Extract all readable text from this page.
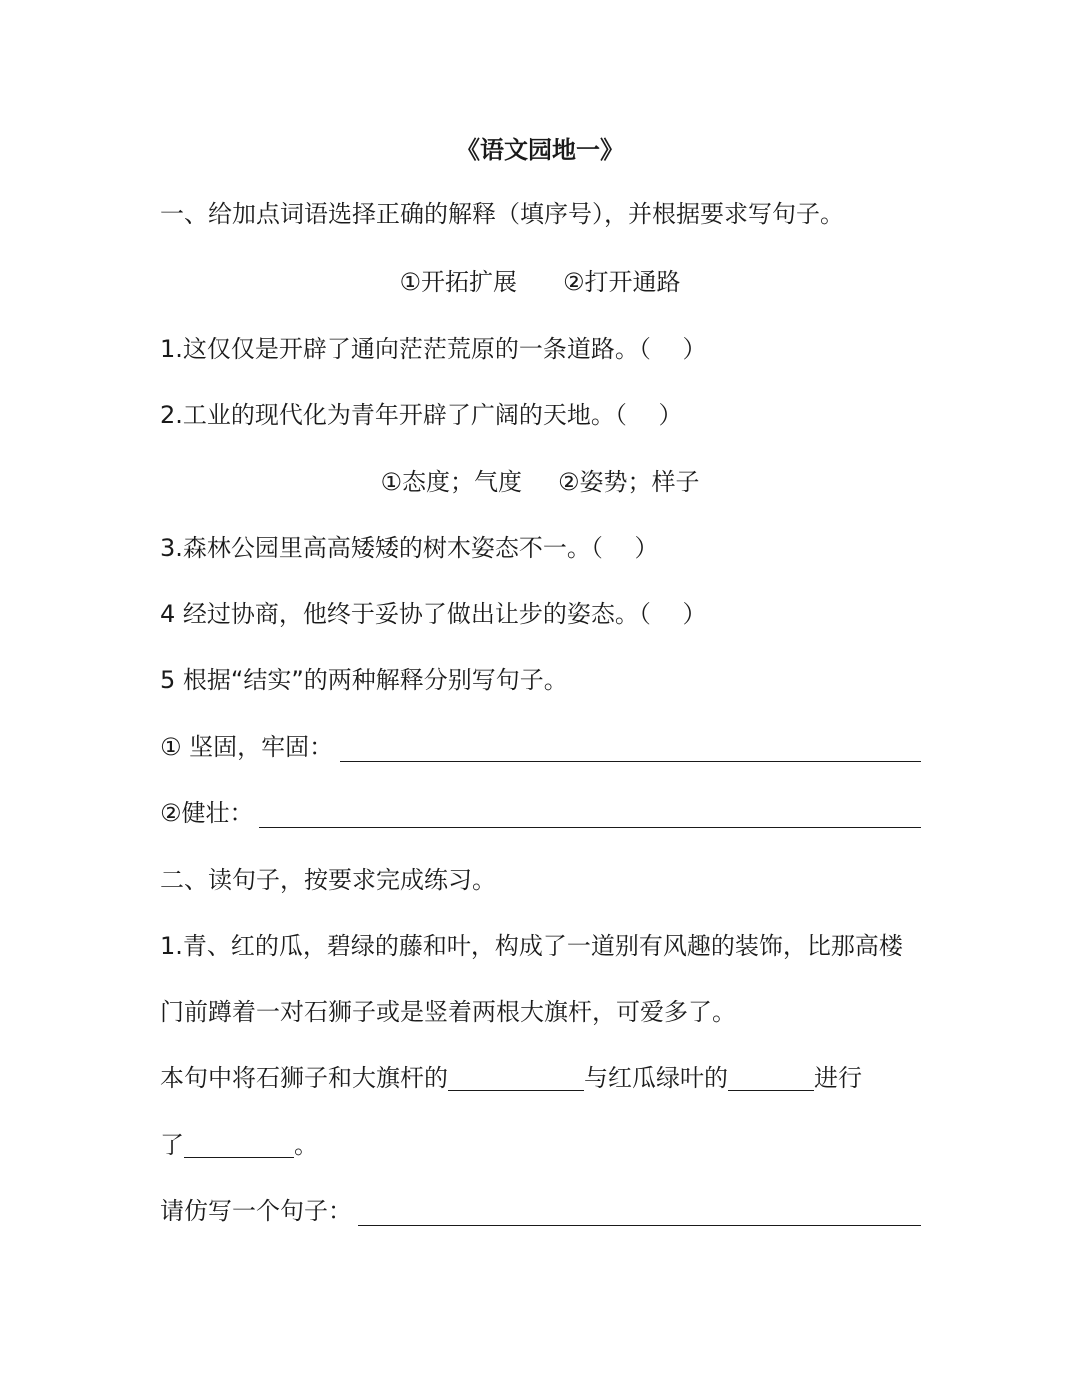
《语文园地一》
一、给加点词语选择正确的解释（填序号），并根据要求写句子。
①开拓扩展 ②打开通路
1.这仅仅是开辟了通向茫茫荒原的一条道路。（　 ）
2.工业的现代化为青年开辟了广阔的天地。（　 ）
①态度；气度 ②姿势；样子
3.森林公园里高高矮矮的树木姿态不一。（　 ）
4 经过协商，他终于妥协了做出让步的姿态。（　 ）
5 根据“结实”的两种解释分别写句子。
① 坚固，牢固：
②健壮：
二、读句子，按要求完成练习。
1.青、红的瓜，碧绿的藤和叶，构成了一道别有风趣的装饰，比那高楼
门前蹲着一对石狮子或是竖着两根大旗杆，可爱多了。
本句中将石狮子和大旗杆的	与红瓜绿叶的	进行
了	。
请仿写一个句子：
